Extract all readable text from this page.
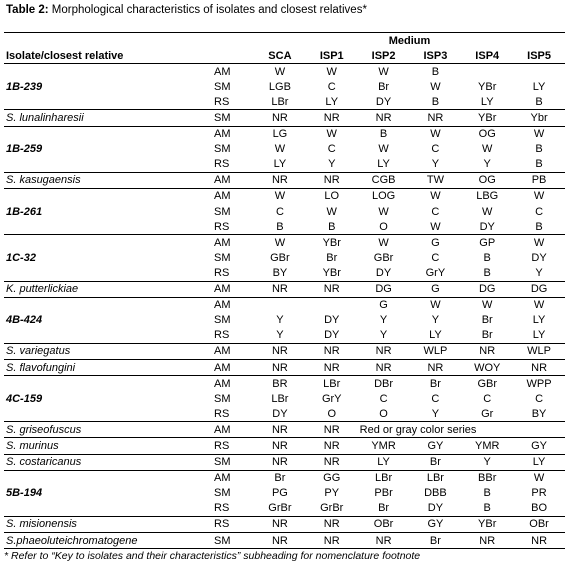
Table 2: Morphological characteristics of isolates and closest relatives*
		Medium					
Isolate/closest relative		SCA	ISP1	ISP2	ISP3	ISP4	ISP5
	AM	W	W	W	B		
1B-239	SM	LGB	C	Br	W	YBr	LY
	RS	LBr	LY	DY	B	LY	B
S. lunalinharesii	SM	NR	NR	NR	NR	YBr	Ybr
	AM	LG	W	B	W	OG	W
1B-259	SM	W	C	W	C	W	B
	RS	LY	Y	LY	Y	Y	B
S. kasugaensis	AM	NR	NR	CGB	TW	OG	PB
	AM	W	LO	LOG	W	LBG	W
1B-261	SM	C	W	W	C	W	C
	RS	B	B	O	W	DY	B
	AM	W	YBr	W	G	GP	W
1C-32	SM	GBr	Br	GBr	C	B	DY
	RS	BY	YBr	DY	GrY	B	Y
K. putterlickiae	AM	NR	NR	DG	G	DG	DG
	AM			G	W	W	W
4B-424	SM	Y	DY	Y	Y	Br	LY
	RS	Y	DY	Y	LY	Br	LY
S. variegatus	AM	NR	NR	NR	WLP	NR	WLP
S. flavofungini	AM	NR	NR	NR	NR	WOY	NR
	AM	BR	LBr	DBr	Br	GBr	WPP
4C-159	SM	LBr	GrY	C	C	C	C
	RS	DY	O	O	Y	Gr	BY
S. griseofuscus	AM	NR	NR	Red or gray color series			
S. murinus	RS	NR	NR	YMR	GY	YMR	GY
S. costaricanus	SM	NR	NR	LY	Br	Y	LY
	AM	Br	GG	LBr	LBr	BBr	W
5B-194	SM	PG	PY	PBr	DBB	B	PR
	RS	GrBr	GrBr	Br	DY	B	BO
S. misionensis	RS	NR	NR	OBr	GY	YBr	OBr
S.phaeoluteichromatogene	SM	NR	NR	NR	Br	NR	NR
* Refer to “Key to isolates and their characteristics” subheading for nomenclature footnote
